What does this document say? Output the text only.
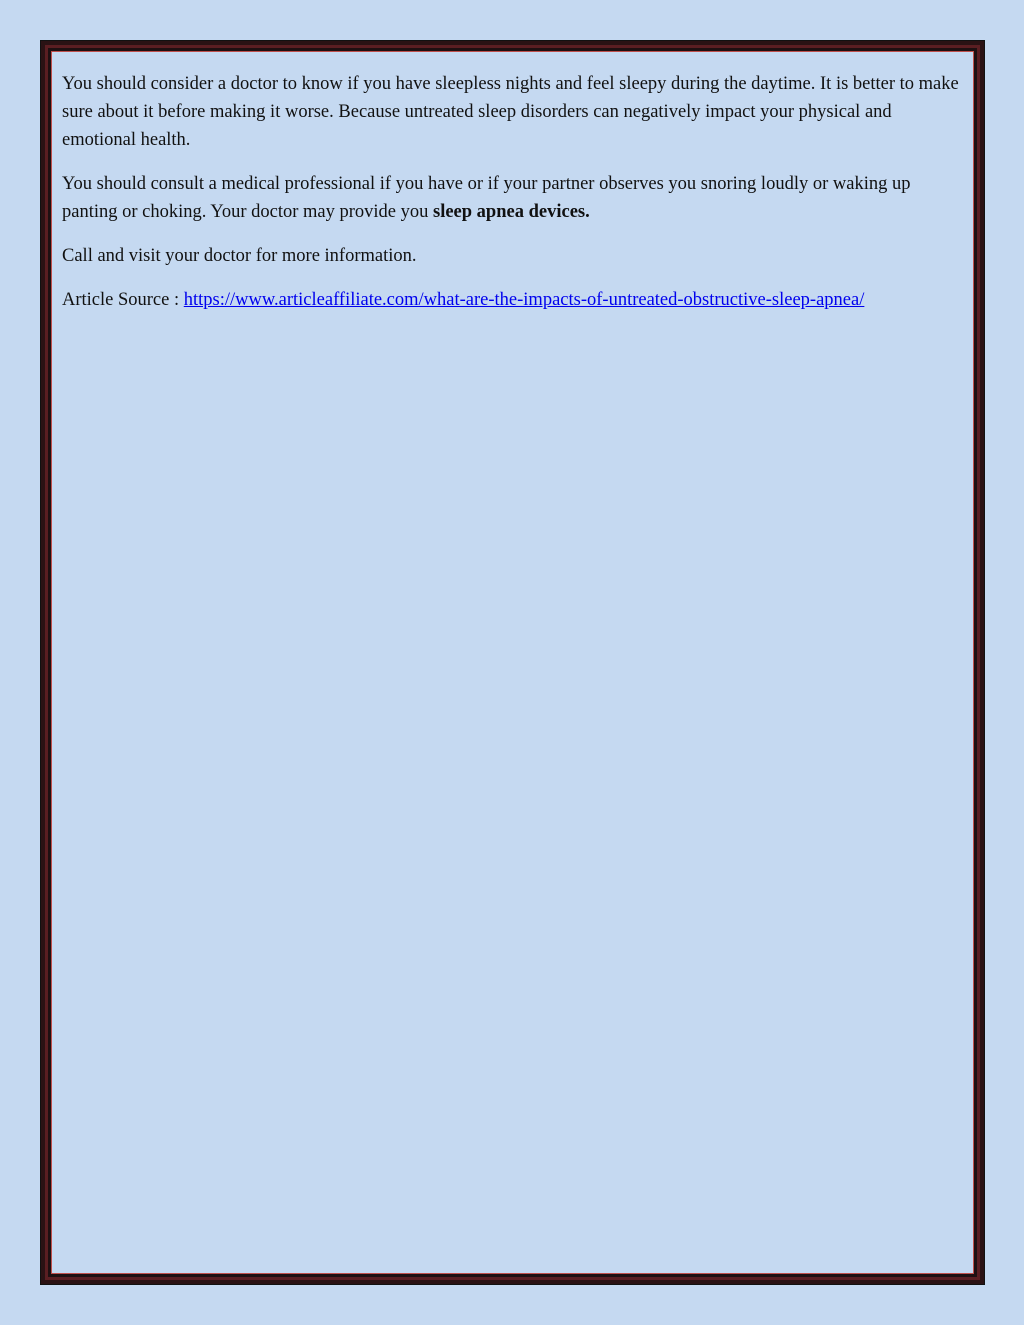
You should consider a doctor to know if you have sleepless nights and feel sleepy during the daytime. It is better to make sure about it before making it worse. Because untreated sleep disorders can negatively impact your physical and emotional health.

You should consult a medical professional if you have or if your partner observes you snoring loudly or waking up panting or choking. Your doctor may provide you sleep apnea devices.

Call and visit your doctor for more information.

Article Source : https://www.articleaffiliate.com/what-are-the-impacts-of-untreated-obstructive-sleep-apnea/
